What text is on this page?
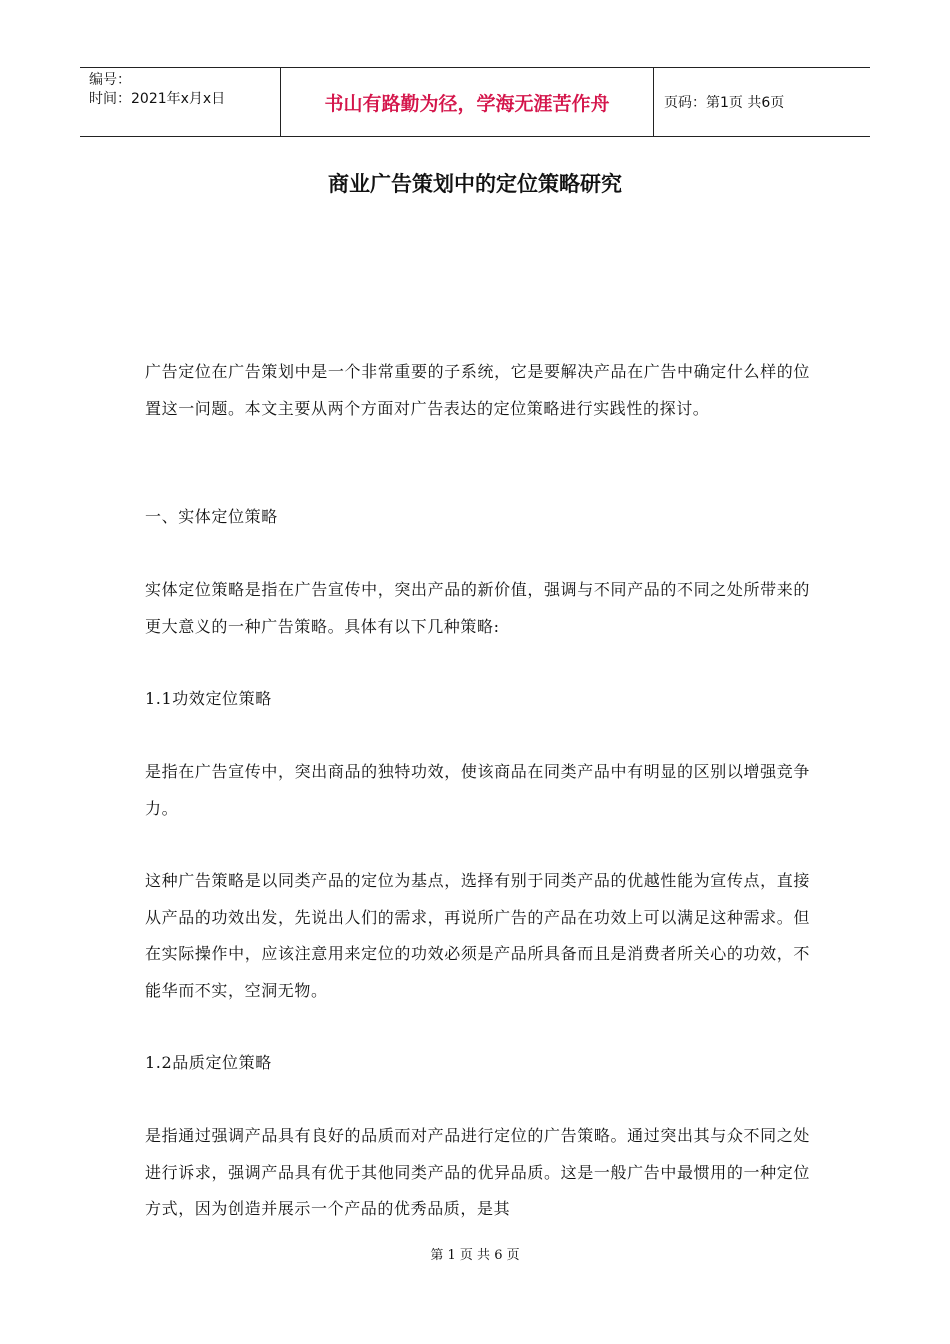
编号：
时间：2021年x月x日	书山有路勤为径，学海无涯苦作舟	页码：第1页 共6页
商业广告策划中的定位策略研究
广告定位在广告策划中是一个非常重要的子系统，它是要解决产品在广告中确定什么样的位置这一问题。本文主要从两个方面对广告表达的定位策略进行实践性的探讨。
一、实体定位策略
实体定位策略是指在广告宣传中，突出产品的新价值，强调与不同产品的不同之处所带来的更大意义的一种广告策略。具体有以下几种策略:
1.1功效定位策略
是指在广告宣传中，突出商品的独特功效，使该商品在同类产品中有明显的区别以增强竞争力。
这种广告策略是以同类产品的定位为基点，选择有别于同类产品的优越性能为宣传点，直接从产品的功效出发，先说出人们的需求，再说所广告的产品在功效上可以满足这种需求。但在实际操作中，应该注意用来定位的功效必须是产品所具备而且是消费者所关心的功效，不能华而不实，空洞无物。
1.2品质定位策略
是指通过强调产品具有良好的品质而对产品进行定位的广告策略。通过突出其与众不同之处进行诉求，强调产品具有优于其他同类产品的优异品质。这是一般广告中最惯用的一种定位方式，因为创造并展示一个产品的优秀品质，是其
第 1 页 共 6 页
